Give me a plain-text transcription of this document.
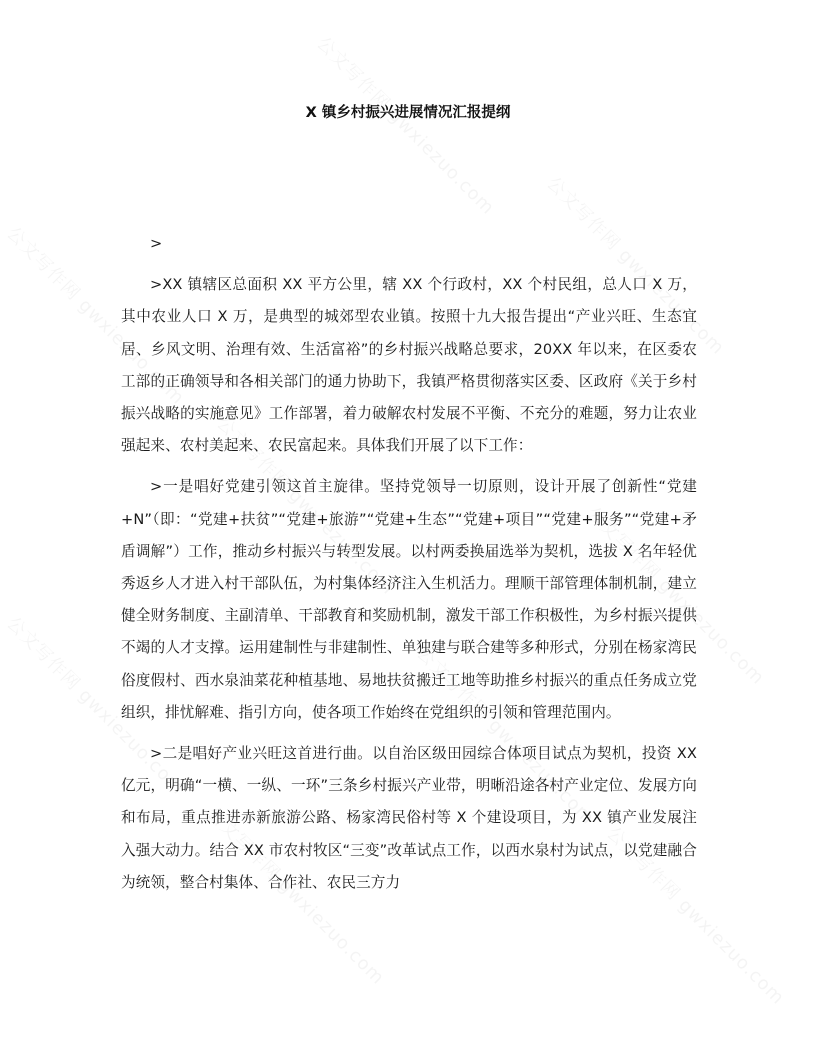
X 镇乡村振兴进展情况汇报提纲

>

>XX 镇辖区总面积 XX 平方公里，辖 XX 个行政村，XX 个村民组，总人口 X 万，其中农业人口 X 万，是典型的城郊型农业镇。按照十九大报告提出“产业兴旺、生态宜居、乡风文明、治理有效、生活富裕”的乡村振兴战略总要求，20XX 年以来，在区委农工部的正确领导和各相关部门的通力协助下，我镇严格贯彻落实区委、区政府《关于乡村振兴战略的实施意见》工作部署，着力破解农村发展不平衡、不充分的难题，努力让农业强起来、农村美起来、农民富起来。具体我们开展了以下工作：

>一是唱好党建引领这首主旋律。坚持党领导一切原则，设计开展了创新性“党建+N”（即：“党建+扶贫”“党建+旅游”“党建+生态”“党建+项目”“党建+服务”“党建+矛盾调解”）工作，推动乡村振兴与转型发展。以村两委换届选举为契机，选拔 X 名年轻优秀返乡人才进入村干部队伍，为村集体经济注入生机活力。理顺干部管理体制机制，建立健全财务制度、主副清单、干部教育和奖励机制，激发干部工作积极性，为乡村振兴提供不竭的人才支撑。运用建制性与非建制性、单独建与联合建等多种形式，分别在杨家湾民俗度假村、西水泉油菜花种植基地、易地扶贫搬迁工地等助推乡村振兴的重点任务成立党组织，排忧解难、指引方向，使各项工作始终在党组织的引领和管理范围内。

>二是唱好产业兴旺这首进行曲。以自治区级田园综合体项目试点为契机，投资 XX 亿元，明确“一横、一纵、一环”三条乡村振兴产业带，明晰沿途各村产业定位、发展方向和布局，重点推进赤新旅游公路、杨家湾民俗村等 X 个建设项目，为 XX 镇产业发展注入强大动力。结合 XX 市农村牧区“三变”改革试点工作，以西水泉村为试点，以党建融合为统领，整合村集体、合作社、农民三方力
